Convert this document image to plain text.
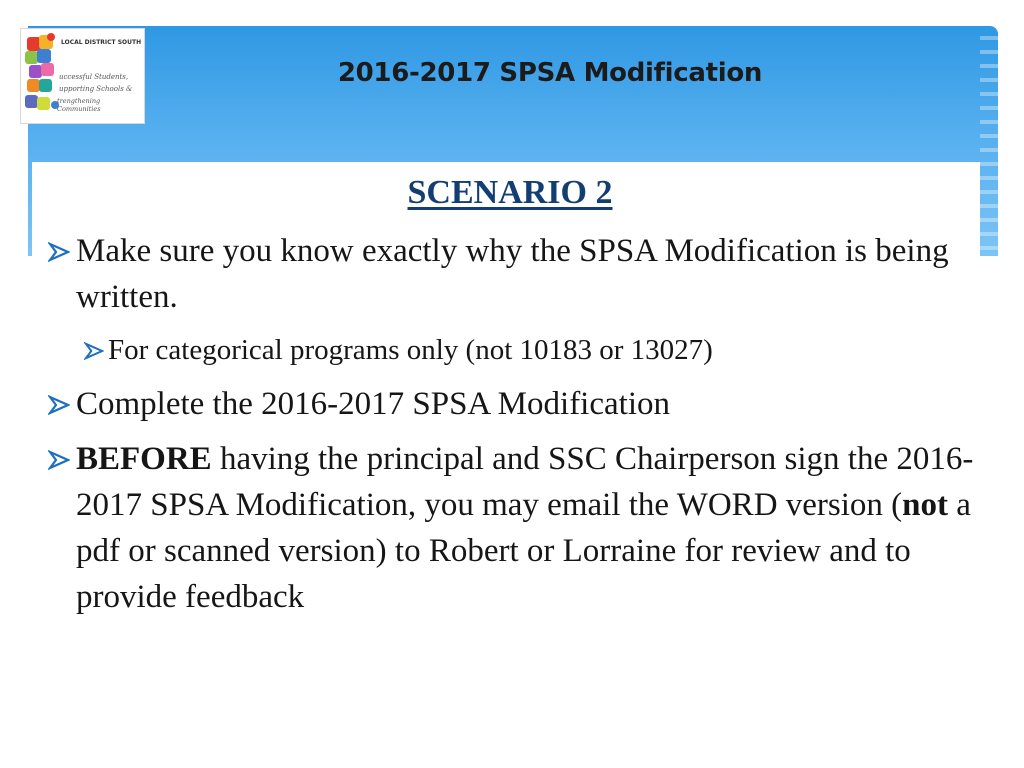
LOCAL DISTRICT SOUTH
uccessful Students,
upporting Schools &
trengthening Communities
2016-2017 SPSA Modification
SCENARIO 2
Make sure you know exactly why the SPSA Modification is being written.
For categorical programs only (not 10183 or 13027)
Complete the 2016-2017 SPSA Modification
BEFORE having the principal and SSC Chairperson sign the 2016-2017 SPSA Modification, you may email the WORD version (not a pdf or scanned version) to Robert or Lorraine for review and to provide feedback
